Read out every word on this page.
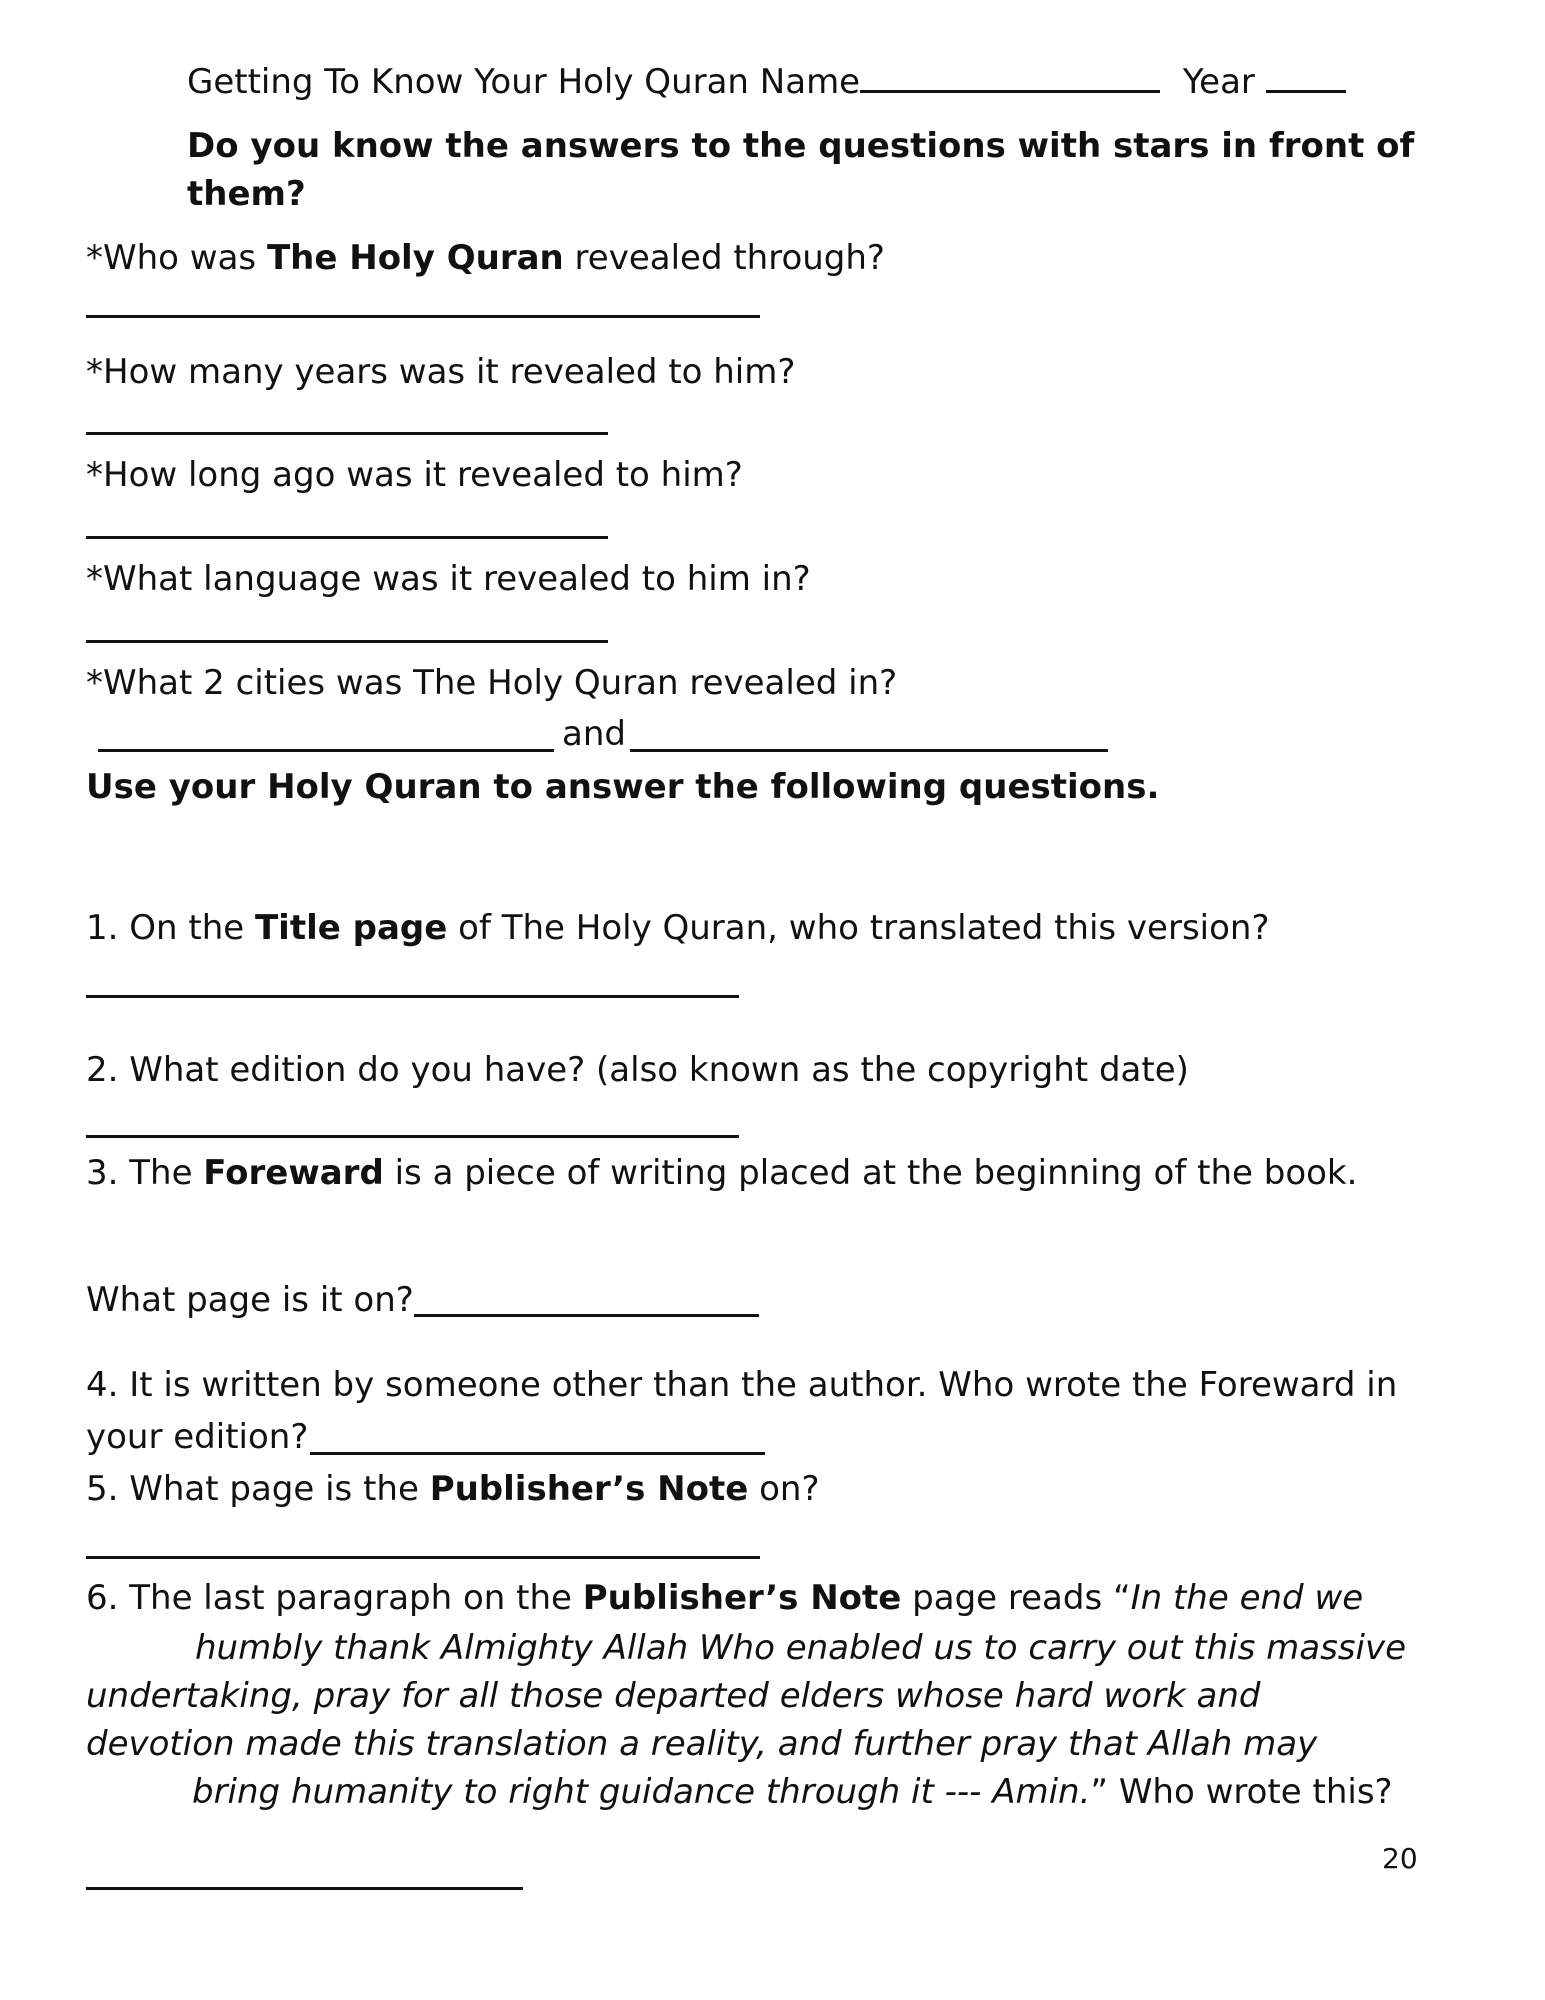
Getting To Know Your Holy Quran Name	Year
Do you know the answers to the questions with stars in front of
them?
*Who was The Holy Quran revealed through?
*How many years was it revealed to him?
*How long ago was it revealed to him?
*What language was it revealed to him in?
*What 2 cities was The Holy Quran revealed in?
and
Use your Holy Quran to answer the following questions.
1. On the Title page of The Holy Quran, who translated this version?
2. What edition do you have? (also known as the copyright date)
3. The Foreward is a piece of writing placed at the beginning of the book.
What page is it on?
4. It is written by someone other than the author. Who wrote the Foreward in
your edition?
5. What page is the Publisher’s Note on?
6. The last paragraph on the Publisher’s Note page reads “In the end we
humbly thank Almighty Allah Who enabled us to carry out this massive
undertaking, pray for all those departed elders whose hard work and
devotion made this translation a reality, and further pray that Allah may
bring humanity to right guidance through it --- Amin.” Who wrote this?
20
